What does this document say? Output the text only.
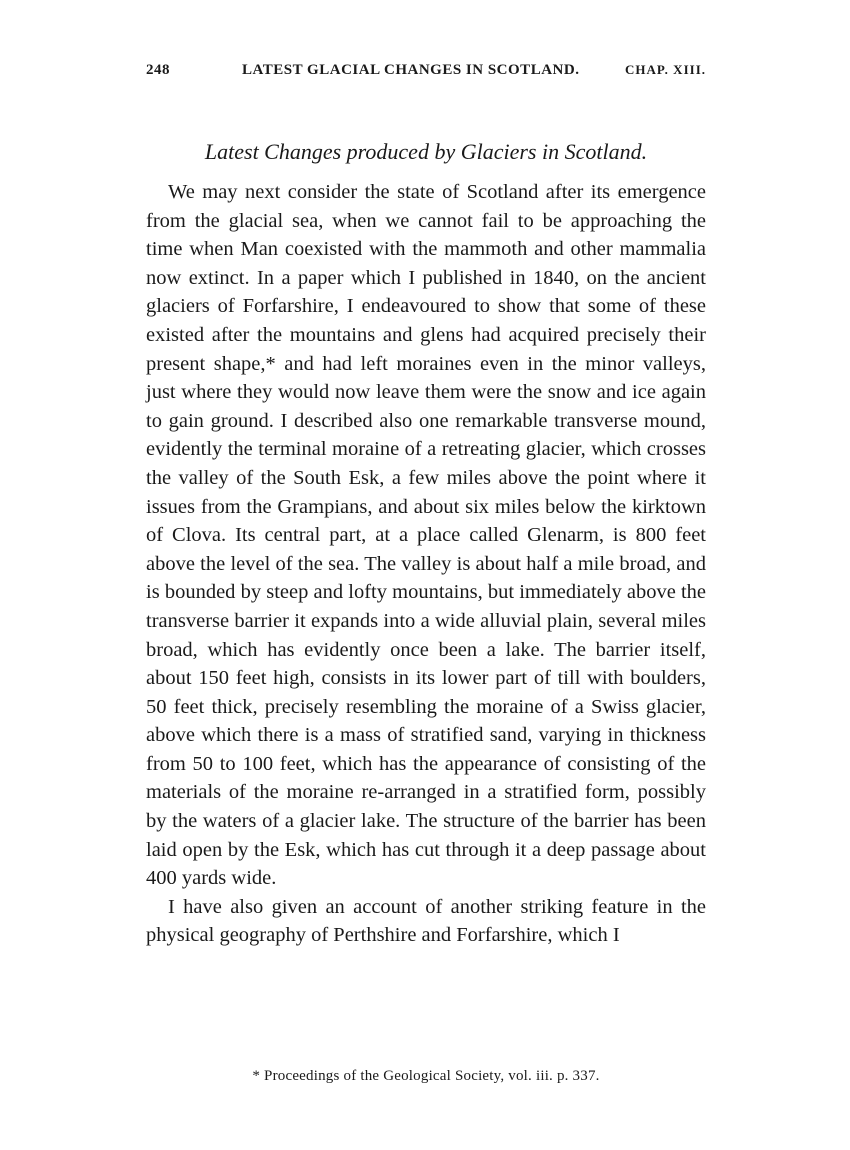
248	LATEST GLACIAL CHANGES IN SCOTLAND.	CHAP. XIII.
Latest Changes produced by Glaciers in Scotland.

We may next consider the state of Scotland after its emergence from the glacial sea, when we cannot fail to be approaching the time when Man coexisted with the mammoth and other mammalia now extinct. In a paper which I published in 1840, on the ancient glaciers of Forfarshire, I endeavoured to show that some of these existed after the mountains and glens had acquired precisely their present shape,* and had left moraines even in the minor valleys, just where they would now leave them were the snow and ice again to gain ground. I described also one remarkable transverse mound, evidently the terminal moraine of a retreating glacier, which crosses the valley of the South Esk, a few miles above the point where it issues from the Grampians, and about six miles below the kirktown of Clova. Its central part, at a place called Glenarm, is 800 feet above the level of the sea. The valley is about half a mile broad, and is bounded by steep and lofty mountains, but immediately above the transverse barrier it expands into a wide alluvial plain, several miles broad, which has evidently once been a lake. The barrier itself, about 150 feet high, consists in its lower part of till with boulders, 50 feet thick, precisely resembling the moraine of a Swiss glacier, above which there is a mass of stratified sand, varying in thickness from 50 to 100 feet, which has the appearance of consisting of the materials of the moraine re-arranged in a stratified form, possibly by the waters of a glacier lake. The structure of the barrier has been laid open by the Esk, which has cut through it a deep passage about 400 yards wide.

I have also given an account of another striking feature in the physical geography of Perthshire and Forfarshire, which I

* Proceedings of the Geological Society, vol. iii. p. 337.
